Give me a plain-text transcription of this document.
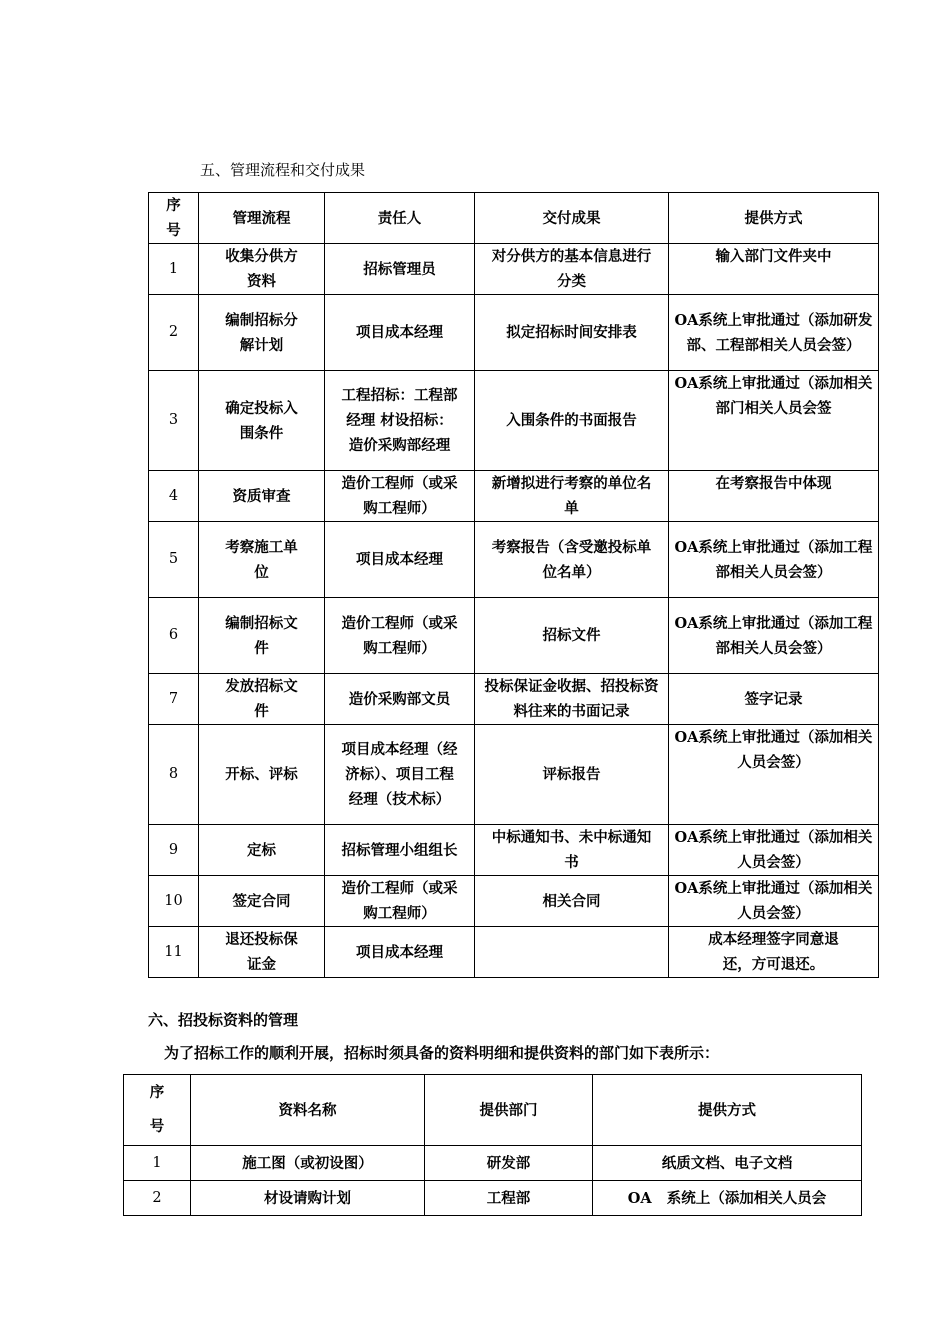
五、管理流程和交付成果
序号	管理流程	责任人	交付成果	提供方式
1	收集分供方资料	招标管理员	对分供方的基本信息进行分类	输入部门文件夹中
2	编制招标分解计划	项目成本经理	拟定招标时间安排表	OA系统上审批通过（添加研发部、工程部相关人员会签）
3	确定投标入围条件	工程招标：工程部经理 材设招标：造价采购部经理	入围条件的书面报告	OA系统上审批通过（添加相关部门相关人员会签
4	资质审查	造价工程师（或采购工程师）	新增拟进行考察的单位名单	在考察报告中体现
5	考察施工单位	项目成本经理	考察报告（含受邀投标单位名单）	OA系统上审批通过（添加工程部相关人员会签）
6	编制招标文件	造价工程师（或采购工程师）	招标文件	OA系统上审批通过（添加工程部相关人员会签）
7	发放招标文件	造价采购部文员	投标保证金收据、招投标资料往来的书面记录	签字记录
8	开标、评标	项目成本经理（经济标）、项目工程经理（技术标）	评标报告	OA系统上审批通过（添加相关人员会签）
9	定标	招标管理小组组长	中标通知书、未中标通知书	OA系统上审批通过（添加相关人员会签）
10	签定合同	造价工程师（或采购工程师）	相关合同	OA系统上审批通过（添加相关人员会签）
11	退还投标保证金	项目成本经理		成本经理签字同意退还，方可退还。
六、招投标资料的管理
为了招标工作的顺利开展，招标时须具备的资料明细和提供资料的部门如下表所示：
序号	资料名称	提供部门	提供方式
1	施工图（或初设图）	研发部	纸质文档、电子文档
2	材设请购计划	工程部	OA   系统上（添加相关人员会
